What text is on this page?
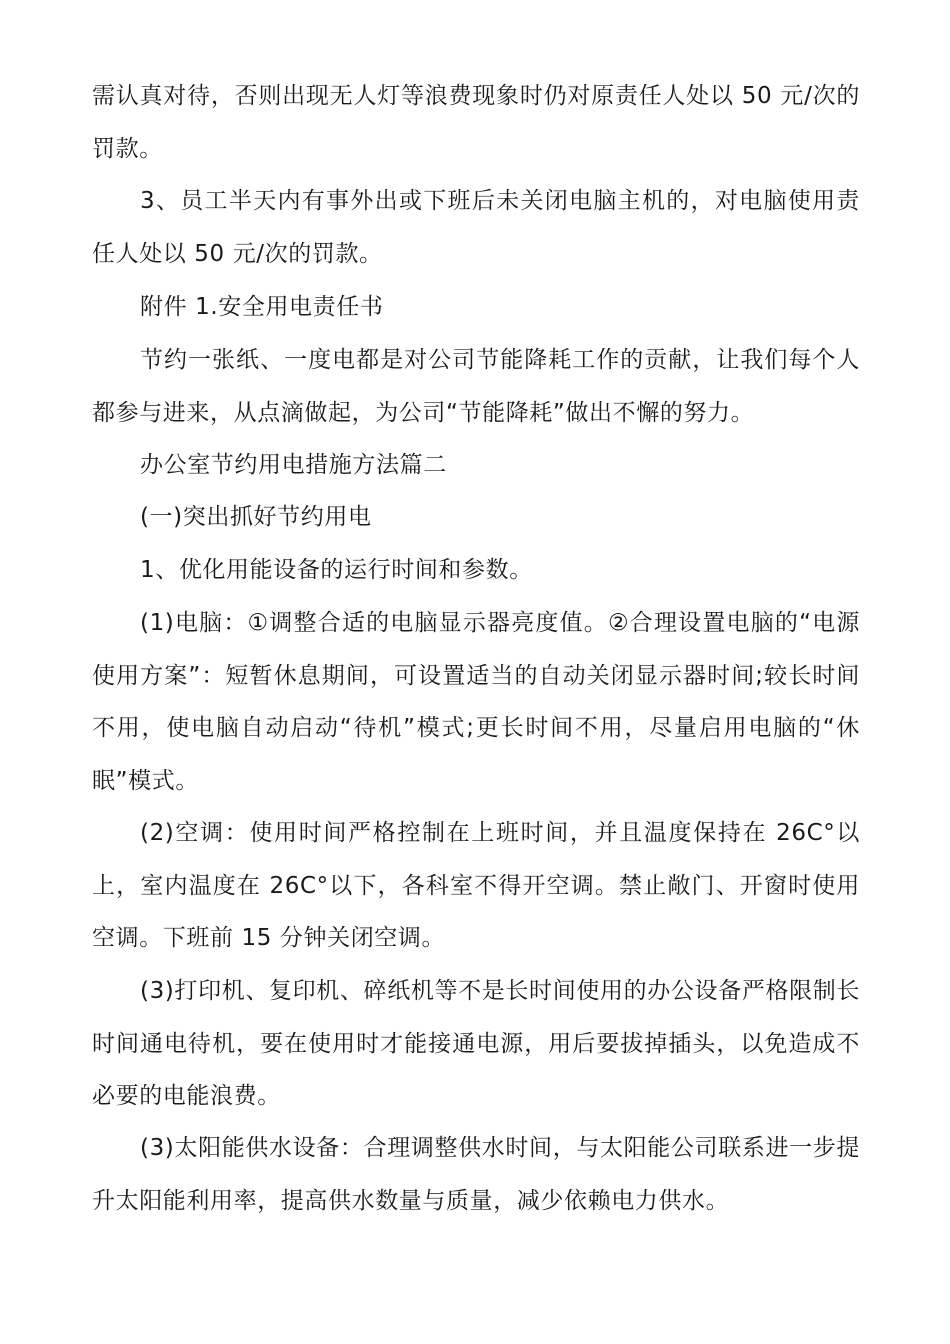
需认真对待，否则出现无人灯等浪费现象时仍对原责任人处以 50 元/次的罚款。

3、员工半天内有事外出或下班后未关闭电脑主机的，对电脑使用责任人处以 50 元/次的罚款。

附件 1.安全用电责任书

节约一张纸、一度电都是对公司节能降耗工作的贡献，让我们每个人都参与进来，从点滴做起，为公司“节能降耗”做出不懈的努力。

办公室节约用电措施方法篇二

(一)突出抓好节约用电

1、优化用能设备的运行时间和参数。

(1)电脑：①调整合适的电脑显示器亮度值。②合理设置电脑的“电源使用方案”：短暂休息期间，可设置适当的自动关闭显示器时间;较长时间不用，使电脑自动启动“待机”模式;更长时间不用，尽量启用电脑的“休眠”模式。

(2)空调：使用时间严格控制在上班时间，并且温度保持在 26C°以上，室内温度在 26C°以下，各科室不得开空调。禁止敞门、开窗时使用空调。下班前 15 分钟关闭空调。

(3)打印机、复印机、碎纸机等不是长时间使用的办公设备严格限制长时间通电待机，要在使用时才能接通电源，用后要拔掉插头，以免造成不必要的电能浪费。

(3)太阳能供水设备：合理调整供水时间，与太阳能公司联系进一步提升太阳能利用率，提高供水数量与质量，减少依赖电力供水。
